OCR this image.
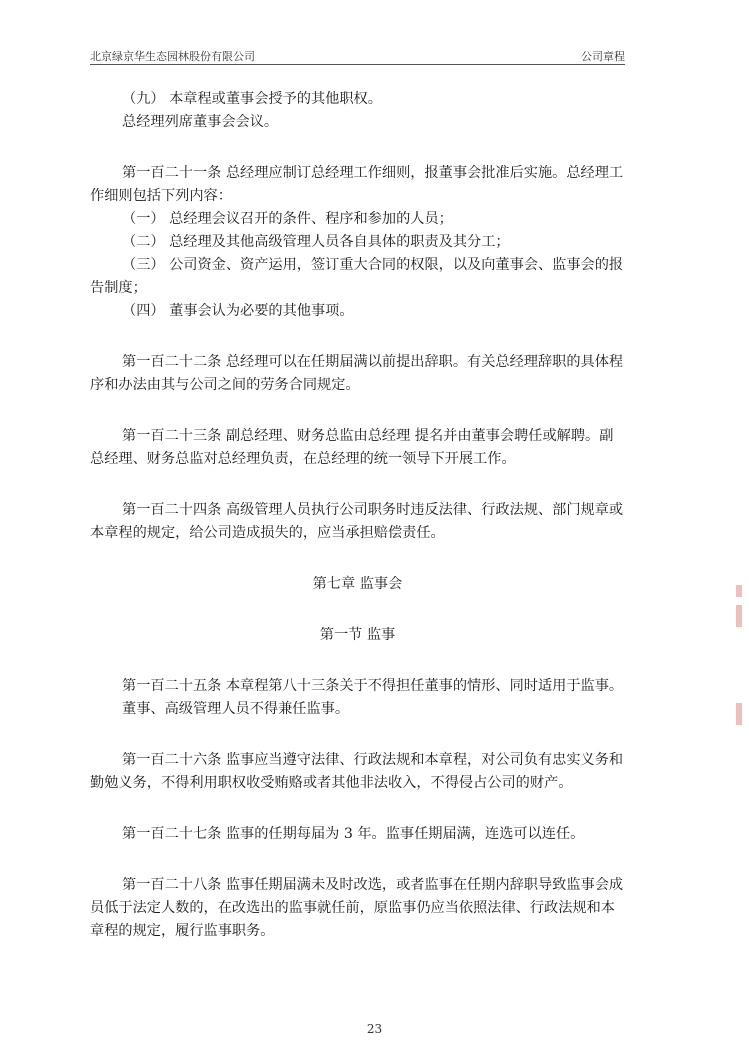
北京绿京华生态园林股份有限公司	公司章程

（九） 本章程或董事会授予的其他职权。

总经理列席董事会会议。

第一百二十一条 总经理应制订总经理工作细则，报董事会批准后实施。总经理工作细则包括下列内容：

（一） 总经理会议召开的条件、程序和参加的人员；

（二） 总经理及其他高级管理人员各自具体的职责及其分工；

（三） 公司资金、资产运用，签订重大合同的权限，以及向董事会、监事会的报告制度；

（四） 董事会认为必要的其他事项。

第一百二十二条 总经理可以在任期届满以前提出辞职。有关总经理辞职的具体程序和办法由其与公司之间的劳务合同规定。

第一百二十三条 副总经理、财务总监由总经理 提名并由董事会聘任或解聘。副总经理、财务总监对总经理负责，在总经理的统一领导下开展工作。

第一百二十四条 高级管理人员执行公司职务时违反法律、行政法规、部门规章或本章程的规定，给公司造成损失的，应当承担赔偿责任。

第七章 监事会

第一节 监事

第一百二十五条 本章程第八十三条关于不得担任董事的情形、同时适用于监事。

董事、高级管理人员不得兼任监事。

第一百二十六条 监事应当遵守法律、行政法规和本章程，对公司负有忠实义务和勤勉义务，不得利用职权收受贿赂或者其他非法收入，不得侵占公司的财产。

第一百二十七条 监事的任期每届为 3 年。监事任期届满，连选可以连任。

第一百二十八条 监事任期届满未及时改选，或者监事在任期内辞职导致监事会成员低于法定人数的，在改选出的监事就任前，原监事仍应当依照法律、行政法规和本章程的规定，履行监事职务。

23
